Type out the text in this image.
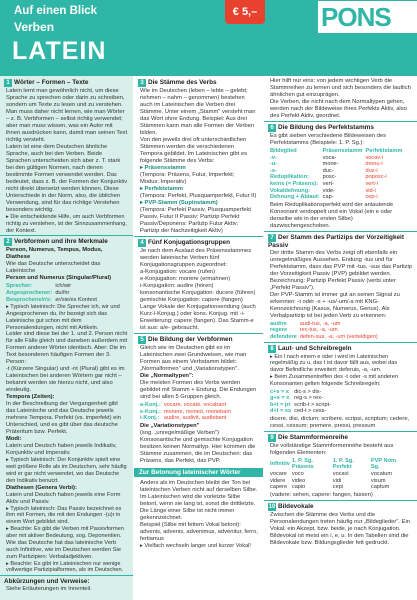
Auf einen Blick
Verben
LATEIN
€ 5,– PONS
1 Wörter – Formen – Texte

Latein lernt man gewöhnlich nicht, um diese Sprache zu sprechen oder darin zu schreiben, sondern um Texte zu lesen und zu verstehen. Man muss daher nicht lernen, wie man Wörter – z. B. Verbformen – selbst richtig verwendet; aber man muss wissen, was ein Autor mit ihnen ausdrücken kann, damit man seinen Text richtig versteht.

Latein ist eine dem Deutschen ähnliche Sprache, auch bei den Verben. Beide Sprachen unterscheiden sich aber z. T. stark bei den gültigen Normen, nach denen bestimmte Formen verwendet werden. Das bedeutet, dass z. B. der Formen der Konjunktiv nicht direkt übersetzt werden können. Diese Unterschiede in der Norm, also, die üblichen Verwendung, sind für das richtige Verstehen besonders wichtig.

▸ Die entscheidende Hilfe, um auch Verbformen richtig zu verstehen, ist der Sinnzusammenhang, der Kontext.

2 Verbformen und ihre Merkmale

Person, Numerus, Tempus, Modus, Diathese

Wie das Deutsche unterscheidet das Lateinische

Person und Numerus (Singular/Plural)

Sprecher:	ich/wir
Angesprochener:	du/ihr
Besprochene/r/s:	er/sie/es Kontext

▸ Typisch lateinisch: Die Sprecher ich, wir und Angesprochenen du, ihr bezeigt sich das Lateinische gut schon mit dem Personalendungen, nicht mit Artikeln.

Leider sind diese bei der 1. und 2. Person nicht für alle Fälle gleich und daneben außerdem mit Formen anderer Wörter identisch. Aber: Die im Text besonderen häufigen Formen der 3. Person:

-t (Kürzere Singular) und -nt (Plural) gibt es im Lateinischen bei anderen Wörtern gar nicht – bekannt werden sie hierzu nicht, und also eindeutig.

Tempora (Zeiten):

In der Beschreibung der Vergangenheit gibt das Lateinische und das Deutsche jeweils mehrere Tempora. Perfekt (vs. imperfekt) ein Unterschied, und es gibt über das deutsche Präteritum bzw. Perfekt.

Modi:

Latein und Deutsch haben jeweils Indikativ, Konjunktiv und Imperativ.

▸ Typisch lateinisch: Der Konjunktiv spielt eine weit größere Rolle als im Deutschen, sehr häufig wird er gar nicht verwendet, wo das Deutsche den Indikativ benutzt.

Diathesen (Genera Verbi):

Latein und Deutsch haben jeweils eine Form Aktiv und Passiv.

▸ Typisch lateinisch: Das Passiv bezeichnet es ihm mit Formen, die mit den Endungen -(u)r in einem Wort gebildet sind.

▸ Beachte: Es gibt die Verben mit Passivformen aber mit aktiver Bedeutung, sog. Deponentien.

Wie das Deutsche hat das lateinische Verb auch Infinitive, wie im Deutschen werden Sie zum Partizipien: Verbaladjektiven.

▸ Beachte: Es gibt im Lateinischen nur wenige vollwertige Partizipialformen, als im Deutschen.

Abkürzungen und Verweise:

Siehe Erläuterungen im Innenteil.

3 Die Stämme des Verbs

Wie im Deutschen (leben – lebte – gelebt; nehmen – nahm – genommen) bestehen auch im Lateinischen die Verben drei Stämme. Unter einem „Stamm" versteht man das Wort ohne Endung. Beispiel: Aus drei Stämmen kann man alle Formen der Verben bilden.

Von den jeweils drei oft unterschiedlichen Stämmen werden die verschiedenen Tempora gebildet. Im Lateinischen gibt es folgende Stämme des Verbs:

▸ Präsensstamm

(Tempora: Präsens, Futur, Imperfekt;

Modus: Imperativ)

▸ Perfektstamm

(Tempora: Perfekt, Plusquamperfekt, Futur II)

▸ PVP-Stamm (Supinstamm)

(Tempora: Perfekt Passiv, Plusquamperfekt Passiv, Futur II Passiv; Partizip Perfekt Passiv/Deponens: Partizip Futur Aktiv; Partizip der Nachzeitigkeit Aktiv)

4 Fünf Konjugationsgruppen

Je nach dem Auslaut des Präsensstammes werden lateinische Verben fünf Konjugationsgruppen zugeordnet:

a-Konjugation: vocare (rufen)

e-Konjugation: monere (ermahnen)

i-Konjugation: audire (hören)

konsonantische Konjugation: ducere (führen)

gemischte Konjugation: capere (fangen)

Lange Vokale der Konjugationsendung (auch Kurz-i-Konjug.) oder kons. Konjug. mit -i-Erweiterung: capere (fangen). Das Stamm-e ist aus: a/e- gebraucht.

5 Die Bildung der Verbformen

Gleich wie im Deutschen gibt es im Lateinischen zwei Grundweisen, wie man Formen aus einem Verbstamm bildet: „Normalformen" und „Variationstypen".

Die „Normaltypen":

Die meisten Formen des Verbs werden gebildet mit Stamm + Endung. Die Endungen sind bei allen 5 Gruppen gleich.

a-Konj.:	vocare, vocaté, vocabant
e-Konj.:	monere, moneó, monebam
i-Konj.:	audire, audivit, audiebant

Die „Variationstypen"

(sog. „unregelmäßige Verben")

Konsonantische und gemischte Konjugation besitzen keinen Normaltyp. Hier kommen die Stämme zusammen, die im Deutschen: das Präsens, das Perfekt, das PVP.

Zur Betonung lateinischer Wörter

Anders als im Deutschen bleibt der Ton bei lateinischen Verben nicht auf derselben Silbe. Im Lateinischen wird die vorletzte Silbe betont, wenn sie lang ist, sonst die drittletzte. Die Länge einer Silbe ist nicht immer gekennzeichnet.

Beispiel (Silbe mit fettem Vokal betont):

advenis, advenis, advenimus, advenitur, ferro, fertiamus

▸ Vielfach wechseln langer und kurzer Vokal!

Hier hilft nur eins: von jedem wichtigen Verb die Stammreihen zu lernen und sich besonders die lautlich ähnlichen gut einzuprägen.

Die Verben, die nicht nach dem Normaltypen gehen, werden nach der Bildeweise ihres Perfekts Aktiv, also des Perfekt Aktiv, geordnet.

6 Die Bildung des Perfektstamms

Es gibt sieben verschiedene Bildeweisen des Perfektstamms (Beispiele: 1. P. Sg.):

Bildeglied	Präsensstamm	Perfektstamm
-v-	voca-	vocav-i
-u-	mone-	monu-i
-s-	duc-	dux-i
Reduplikation:	posc-	poposc-i
keins (= Präsens):	vert-	vert-i
Vokaldehnung:	vide-	vid-i
Dehnung + Ablaut:	cap-	cep-i

Beim Reduplikationsperfekt wird der anlautende Konsonant verdoppelt und ein Vokal (ein e oder derselbe wie in der ersten Silbe) dazwischengeschoben.

7 Der Stamm des Partizips der Vorzeitigkeit Passiv

Der dritte Stamm des Verbs zeigt oft ebenfalls ein unregelmäßiges Aussehen. Endung -tus und für Perfektstamm, dass das PVP mit -tus, -sus das Partizip der Vorzeitigkeit Passiv (PVP) gebildet werden.

Bezeichnung: Partizip Perfekt Passiv (verbi unter „Perfekt Passiv").

Der PVP-Stamm ist immer gut an seinen Signal zu erkennen: -t oder -s + -us/-um/-a mit KNG-Kennzeichnung (Kasus, Numerus, Genus). Als Verbalpartizip ist bei jeden Verb zu erkennen:

audire	audi-tus, -a, -um
regere	rec-tus, -a, -um
defendere	defen-sus, -a, -um (verteidigen)
8 Laut- und Schreibregeln

▸ Ein l nach einem e oder i wird im Lateinischen regelmäßig zu u, das t ist davor fällt aus, wobei das davor Befindliche erweitert: deferuis, -a, -um.

▸ Beim Zusammentreffen des -t oder -s mit anderen Konsonanten gelten folgende Schreibregeln:

c+s = x	dic-s > dix-
g+s = x	reg-s > rex-
b+t = pt	scrib-t > script-
d+t = ss	ced-t > cess-

dicere, dixi, dictum; scribere, scripsi, scriptum; cedere, cessi, cessum; premere, pressi, pressum

9 Die Stammformenreihe

Die vollständige Stammformenreihe besteht aus folgenden Elementen:

Infinitiv	1. P. Sg. Präsens	1. P. Sg. Perfekt	PVP Nom. Sg.
vocare	voco	vocavi	vocatum
videre	video	vidi	visum
capere	capio	cepi	captum

(vadere: sehen, capere: fangen, fassen)

10 Bildevokale

Zwischen die Stämme des Verbs und die Personalendungen treten häufig nur „Bildeglieder". Ein Vokal, ein Akzept, bzw. beide, je nach Konjugation. Bildevokal ist meist ein i, e, u. In den Tabellen sind die Bildevokale bzw. Bildungsglieder fett gedruckt.
